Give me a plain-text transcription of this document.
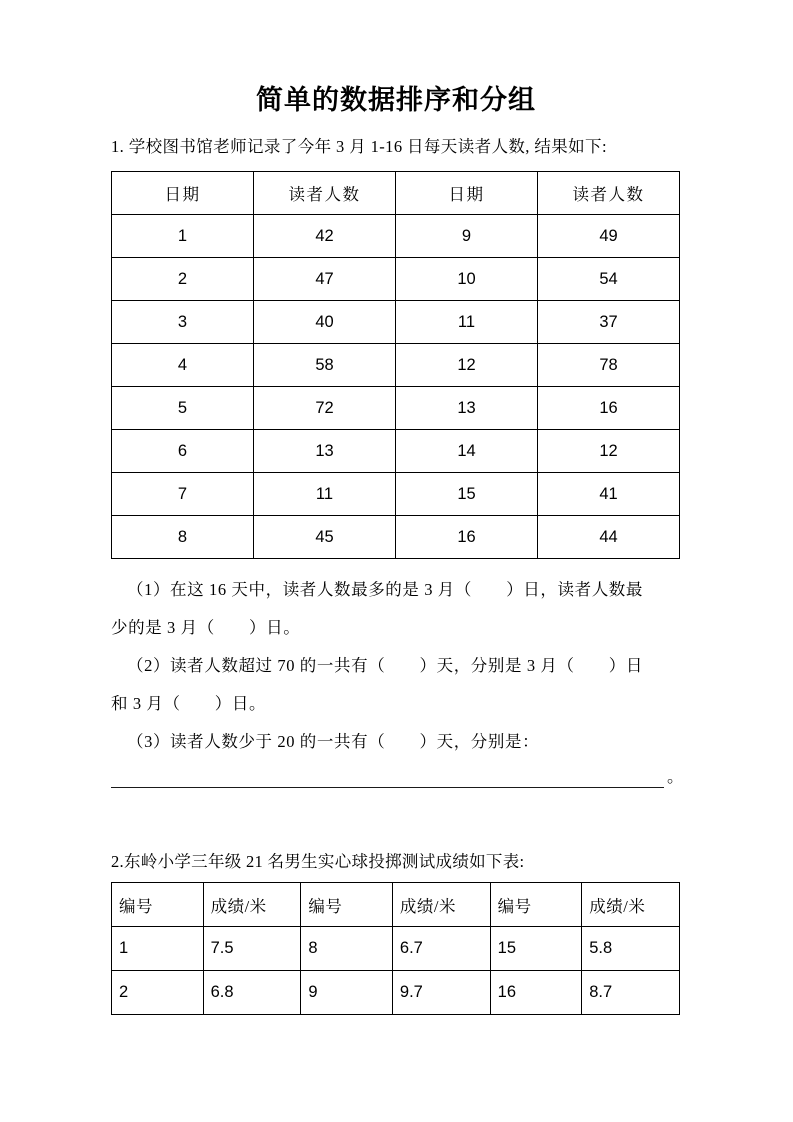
简单的数据排序和分组

1. 学校图书馆老师记录了今年 3 月 1-16 日每天读者人数, 结果如下:

日期	读者人数	日期	读者人数
1	42	9	49
2	47	10	54
3	40	11	37
4	58	12	78
5	72	13	16
6	13	14	12
7	11	15	41
8	45	16	44

（1）在这 16 天中，读者人数最多的是 3 月（　　）日，读者人数最

少的是 3 月（　　）日。

（2）读者人数超过 70 的一共有（　　）天，分别是 3 月（　　）日

和 3 月（　　）日。

（3）读者人数少于 20 的一共有（　　）天，分别是：

。

2.东岭小学三年级 21 名男生实心球投掷测试成绩如下表:

编号	成绩/米	编号	成绩/米	编号	成绩/米
1	7.5	8	6.7	15	5.8
2	6.8	9	9.7	16	8.7
